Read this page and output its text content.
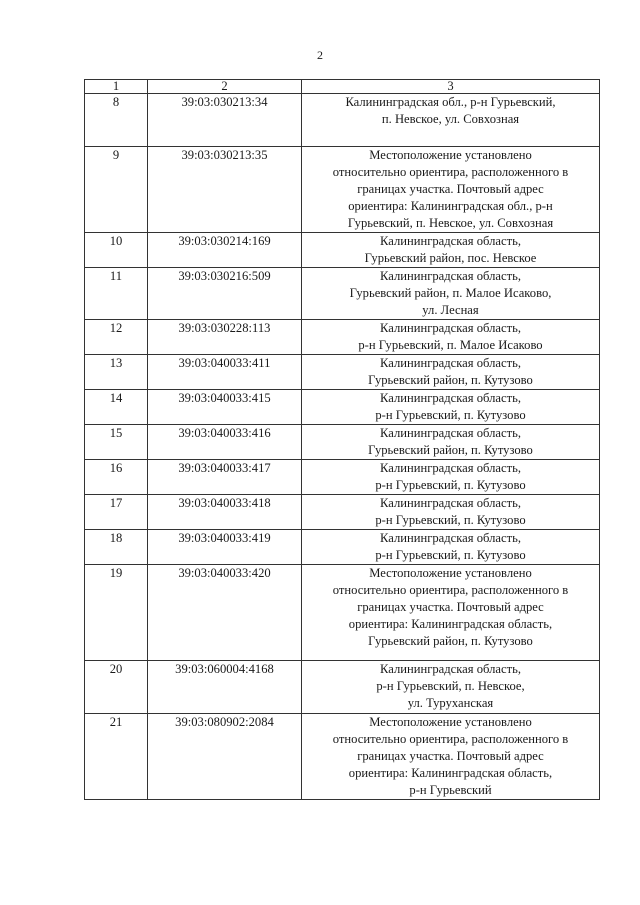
2
1	2	3
8	39:03:030213:34	Калининградская обл., р-н Гурьевский,
п. Невское, ул. Совхозная

9	39:03:030213:35	Местоположение установлено
относительно ориентира, расположенного в
границах участка. Почтовый адрес
ориентира: Калининградская обл., р-н
Гурьевский, п. Невское, ул. Совхозная

10	39:03:030214:169	Калининградская область,
Гурьевский район, пос. Невское

11	39:03:030216:509	Калининградская область,
Гурьевский район, п. Малое Исаково,
ул. Лесная

12	39:03:030228:113	Калининградская область,
р-н Гурьевский, п. Малое Исаково

13	39:03:040033:411	Калининградская область,
Гурьевский район, п. Кутузово

14	39:03:040033:415	Калининградская область,
р-н Гурьевский, п. Кутузово

15	39:03:040033:416	Калининградская область,
Гурьевский район, п. Кутузово

16	39:03:040033:417	Калининградская область,
р-н Гурьевский, п. Кутузово

17	39:03:040033:418	Калининградская область,
р-н Гурьевский, п. Кутузово

18	39:03:040033:419	Калининградская область,
р-н Гурьевский, п. Кутузово

19	39:03:040033:420	Местоположение установлено
относительно ориентира, расположенного в
границах участка. Почтовый адрес
ориентира: Калининградская область,
Гурьевский район, п. Кутузово

20	39:03:060004:4168	Калининградская область,
р-н Гурьевский, п. Невское,
ул. Туруханская

21	39:03:080902:2084	Местоположение установлено
относительно ориентира, расположенного в
границах участка. Почтовый адрес
ориентира: Калининградская область,
р-н Гурьевский
